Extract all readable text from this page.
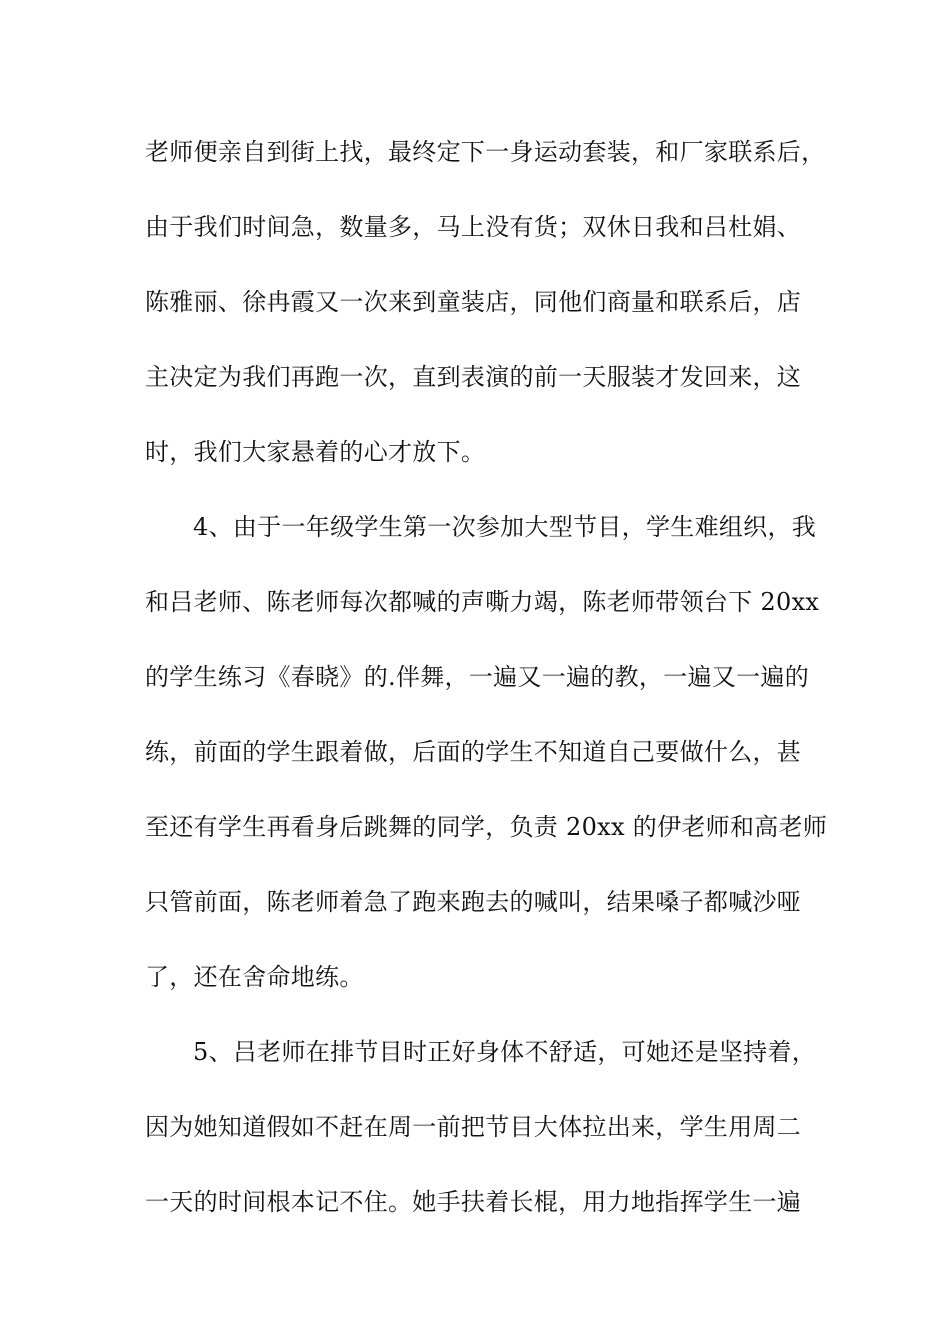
老师便亲自到街上找，最终定下一身运动套装，和厂家联系后，

由于我们时间急，数量多，马上没有货；双休日我和吕杜娟、

陈雅丽、徐冉霞又一次来到童装店，同他们商量和联系后，店

主决定为我们再跑一次，直到表演的前一天服装才发回来，这

时，我们大家悬着的心才放下。

4、由于一年级学生第一次参加大型节目，学生难组织，我

和吕老师、陈老师每次都喊的声嘶力竭，陈老师带领台下 20xx

的学生练习《春晓》的.伴舞，一遍又一遍的教，一遍又一遍的

练，前面的学生跟着做，后面的学生不知道自己要做什么，甚

至还有学生再看身后跳舞的同学，负责 20xx 的伊老师和高老师

只管前面，陈老师着急了跑来跑去的喊叫，结果嗓子都喊沙哑

了，还在舍命地练。

5、吕老师在排节目时正好身体不舒适，可她还是坚持着，

因为她知道假如不赶在周一前把节目大体拉出来，学生用周二

一天的时间根本记不住。她手扶着长棍，用力地指挥学生一遍
